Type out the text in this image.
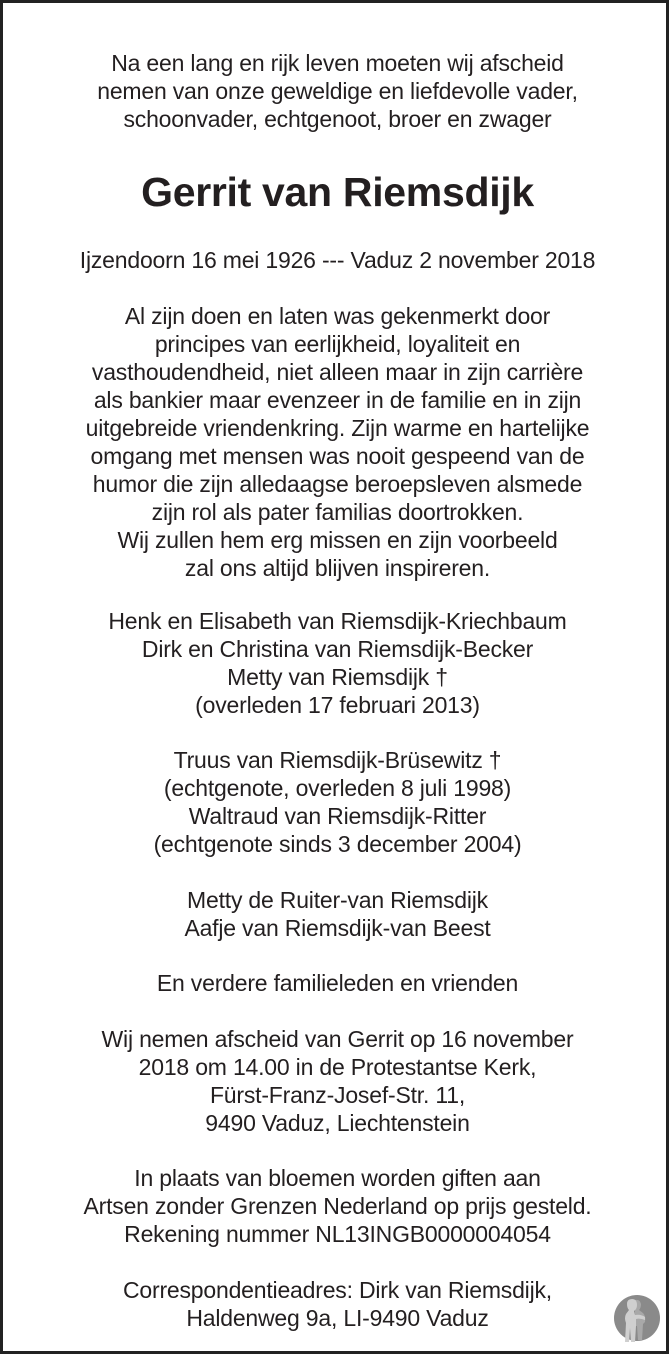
Na een lang en rijk leven moeten wij afscheid
nemen van onze geweldige en liefdevolle vader,
schoonvader, echtgenoot, broer en zwager
Gerrit van Riemsdijk
Ijzendoorn 16 mei 1926 --- Vaduz 2 november 2018
Al zijn doen en laten was gekenmerkt door
principes van eerlijkheid, loyaliteit en
vasthoudendheid, niet alleen maar in zijn carrière
als bankier maar evenzeer in de familie en in zijn
uitgebreide vriendenkring. Zijn warme en hartelijke
omgang met mensen was nooit gespeend van de
humor die zijn alledaagse beroepsleven alsmede
zijn rol als pater familias doortrokken.
Wij zullen hem erg missen en zijn voorbeeld
zal ons altijd blijven inspireren.
Henk en Elisabeth van Riemsdijk-Kriechbaum
Dirk en Christina van Riemsdijk-Becker
Metty van Riemsdijk †
(overleden 17 februari 2013)
Truus van Riemsdijk-Brüsewitz †
(echtgenote, overleden 8 juli 1998)
Waltraud van Riemsdijk-Ritter
(echtgenote sinds 3 december 2004)
Metty de Ruiter-van Riemsdijk
Aafje van Riemsdijk-van Beest
En verdere familieleden en vrienden
Wij nemen afscheid van Gerrit op 16 november
2018 om 14.00 in de Protestantse Kerk,
Fürst-Franz-Josef-Str. 11,
9490 Vaduz, Liechtenstein
In plaats van bloemen worden giften aan
Artsen zonder Grenzen Nederland op prijs gesteld.
Rekening nummer NL13INGB0000004054
Correspondentieadres: Dirk van Riemsdijk,
Haldenweg 9a, LI-9490 Vaduz
